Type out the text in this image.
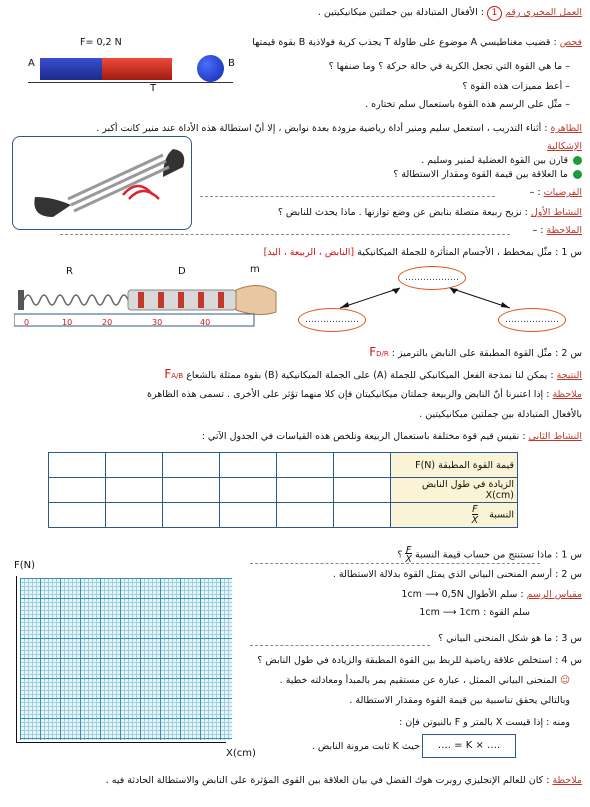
العمل المخبري رقم 1 : الأفعال المتبادلة بين جملتين ميكانيكيتين .
فحص : قضيب مغناطيسي A موضوع على طاولة T يجذب كرية فولاذية B بقوة قيمتها
F= 0,2 N
A	B
T
– ما هي القوة التي تجعل الكرية في حالة حركة ؟ وما صنفها ؟
– أعط مميزات هذه القوة ؟
– مثّل على الرسم هذه القوة باستعمال سلم تختاره .
الظاهرة : أثناء التدريب ، استعمل سليم ومنير أداة رياضية مزودة بعدة نوابض ، إلا أنّ استطالة هذه الأداة عند منير كانت أكبر .
الإشكالية
قارن بين القوة العضلية لمنير وسليم .
ما العلاقة بين قيمة القوة ومقدار الاستطالة ؟
الفرضيات : –
النشاط الأول : نزيح ربيعة متصلة بنابض عن وضع توازنها . ماذا يحدث للنابض ؟
الملاحظة : –
س 1 : مثّل بمخطط ، الأجسام المتأثرة للجملة الميكانيكية [النابض ، الربيعة ، اليد]
R	D	m
0	10	20	30	40
………………
………………	………………
س 2 : مثّل القوة المطبقة على النابض بالترميز : FD/R
النتيجة : يمكن لنا نمذجة الفعل الميكانيكي للجملة (A) على الجملة الميكانيكية (B) بقوة ممثلة بالشعاع FA/B
ملاحظة : إذا اعتبرنا أنّ النابض والربيعة جملتان ميكانيكيتان فإن كلا منهما تؤثر على الأخرى . تسمى هذه الظاهرة
بالأفعال المتبادلة بين جملتين ميكانيكيتين .
النشاط الثاني : نقيس قيم قوة مختلفة باستعمال الربيعة ونلخص هذه القياسات في الجدول الآتي :
						قيمة القوة المطبقة F(N)
						الزيادة في طول النابض X(cm)
						النسبة F
X
F(N)
X(cm)
س 1 : ماذا تستنتج من حساب قيمة النسبة F
X ؟
س 2 : أرسم المنحنى البياني الذي يمثل القوة بدلالة الاستطالة .
مقياس الرسم : سلم الأطوال 1cm ⟶ 0,5N
سلم القوة : 1cm ⟶ 1cm
س 3 : ما هو شكل المنحنى البياني ؟
س 4 : استخلص علاقة رياضية للربط بين القوة المطبقة والزيادة في طول النابض ؟
☺ المنحنى البياني الممثل ، عبارة عن مستقيم يمر بالمبدأ ومعادلته خطية .
وبالتالي يحقق تناسبية بين قيمة القوة ومقدار الاستطالة .
ومنه : إذا قيست X بالمتر و F بالنيوتن فإن :
حيث K ثابت مرونة النابض .	…. = K × ….
ملاحظة : كان للعالم الإنجليزي روبرت هوك الفضل في بيان العلاقة بين القوى المؤثرة على النابض والاستطالة الحادثة فيه .
